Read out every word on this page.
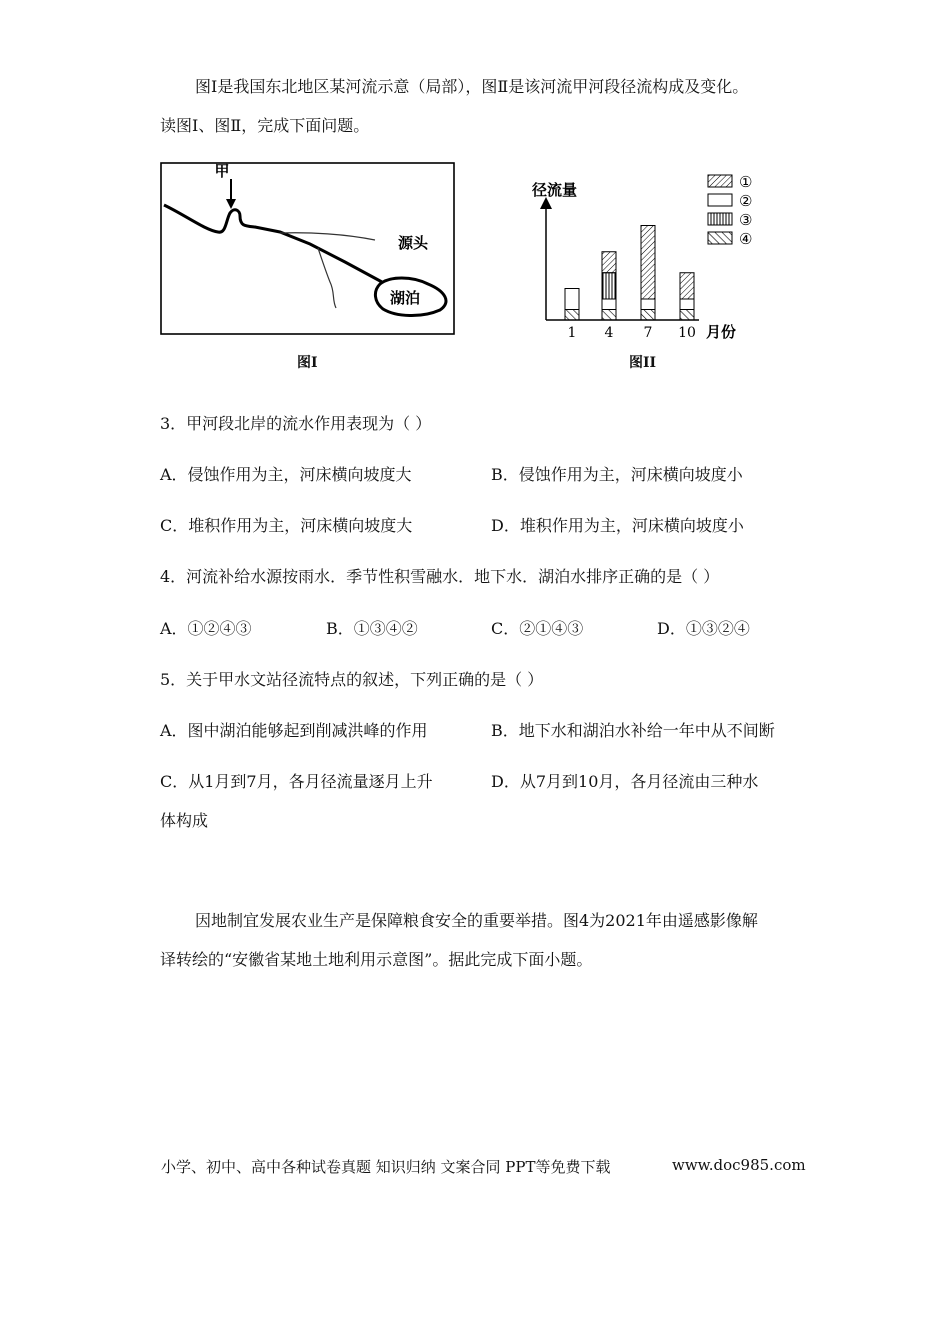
图Ⅰ是我国东北地区某河流示意（局部），图Ⅱ是该河流甲河段径流构成及变化。
读图Ⅰ、图Ⅱ，完成下面问题。
甲
源头
湖泊
图I
径流量
1 4 7 10 月份
①
②
③
④
图II
3．甲河段北岸的流水作用表现为（ ）
A．侵蚀作用为主，河床横向坡度大	B．侵蚀作用为主，河床横向坡度小
C．堆积作用为主，河床横向坡度大	D．堆积作用为主，河床横向坡度小
4．河流补给水源按雨水．季节性积雪融水．地下水．湖泊水排序正确的是（ ）
A．①②④③	B．①③④②	C．②①④③	D．①③②④
5．关于甲水文站径流特点的叙述，下列正确的是（ ）
A．图中湖泊能够起到削减洪峰的作用	B．地下水和湖泊水补给一年中从不间断
C．从1月到7月，各月径流量逐月上升	D．从7月到10月，各月径流由三种水
体构成
因地制宜发展农业生产是保障粮食安全的重要举措。图4为2021年由遥感影像解
译转绘的“安徽省某地土地利用示意图”。据此完成下面小题。
小学、初中、高中各种试卷真题 知识归纳 文案合同 PPT等免费下载	www.doc985.com
